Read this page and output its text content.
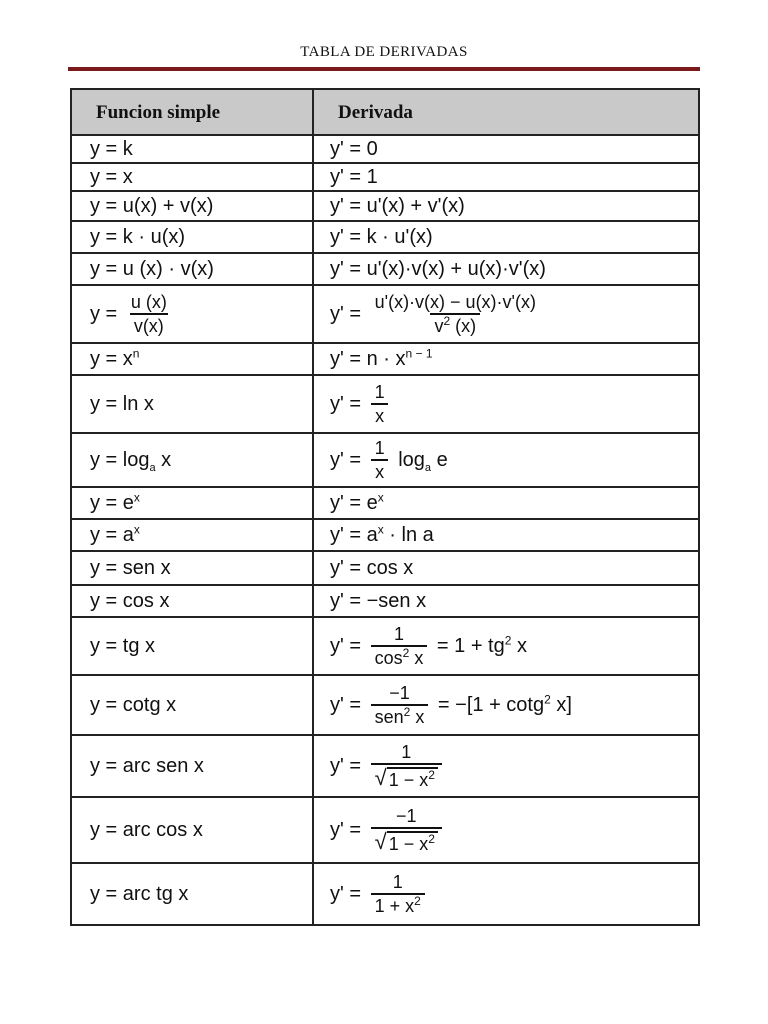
TABLA DE DERIVADAS
Funcion simple	Derivada
y = k	y' = 0
y = x	y' = 1
y = u(x) + v(x)	y' = u'(x) + v'(x)
y = k · u(x)	y' = k · u'(x)
y = u (x) · v(x)	y' = u'(x)·v(x) + u(x)·v'(x)
$y = \frac{u (x)}{v(x)}$	$y' = \frac{u'(x)\cdot v(x) - u(x)\cdot v'(x)}{v^2 (x)}$

$y = x^n$	$y' = n \cdot x^{n - 1}$
y = ln x	$y' = \frac{1}{x}$

$y = \log_a x$	$y' = \frac{1}{x} \log_a e$
$y = e^x$	$y' = e^x$
$y = a^x$	$y' = a^x \cdot \ln a$
y = sen x	y' = cos x
y = cos x	y' = −sen x
y = tg x	$y' = \frac{1}{\cos^2 x} = 1 + tg^2$ x
y = cotg x	$y' = \frac{-1}{sen^2 x} = -[1 + \cot g^2$ x]
y = arc sen x	$y' = \frac{1}{√ 1 - x^2}$

y = arc cos x	$y' = \frac{-1}{√ 1 - x^2}$

y = arc tg x	$y' = \frac{1}{1 + x^2}$
